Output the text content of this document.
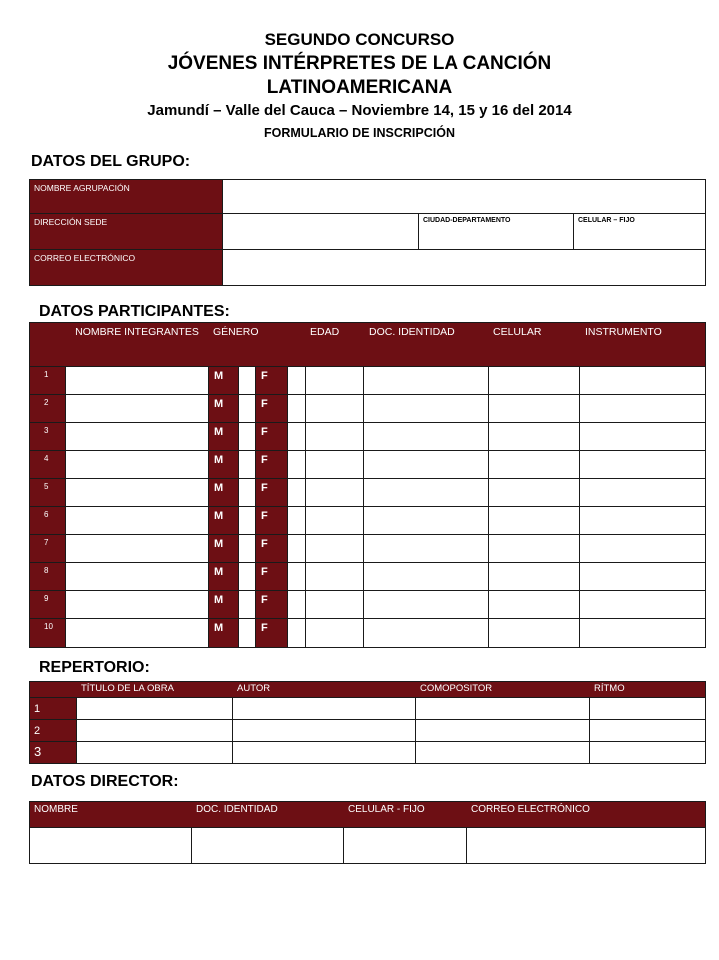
SEGUNDO CONCURSO
JÓVENES INTÉRPRETES DE LA CANCIÓN
LATINOAMERICANA
Jamundí – Valle del Cauca – Noviembre 14, 15 y 16 del 2014
FORMULARIO DE INSCRIPCIÓN
DATOS DEL GRUPO:
NOMBRE AGRUPACIÓN
DIRECCIÓN SEDE	CIUDAD-DEPARTAMENTO	CELULAR – FIJO
CORREO ELECTRÓNICO
DATOS PARTICIPANTES:
NOMBRE INTEGRANTES	GÉNERO	EDAD	DOC. IDENTIDAD	CELULAR	INSTRUMENTO
1	M	F
2	M	F
3	M	F
4	M	F
5	M	F
6	M	F
7	M	F
8	M	F
9	M	F
10	M	F
REPERTORIO:
TÍTULO DE LA OBRA	AUTOR	COMOPOSITOR	RÍTMO
1
2
3
DATOS DIRECTOR:
NOMBRE	DOC. IDENTIDAD	CELULAR - FIJO	CORREO ELECTRÓNICO
